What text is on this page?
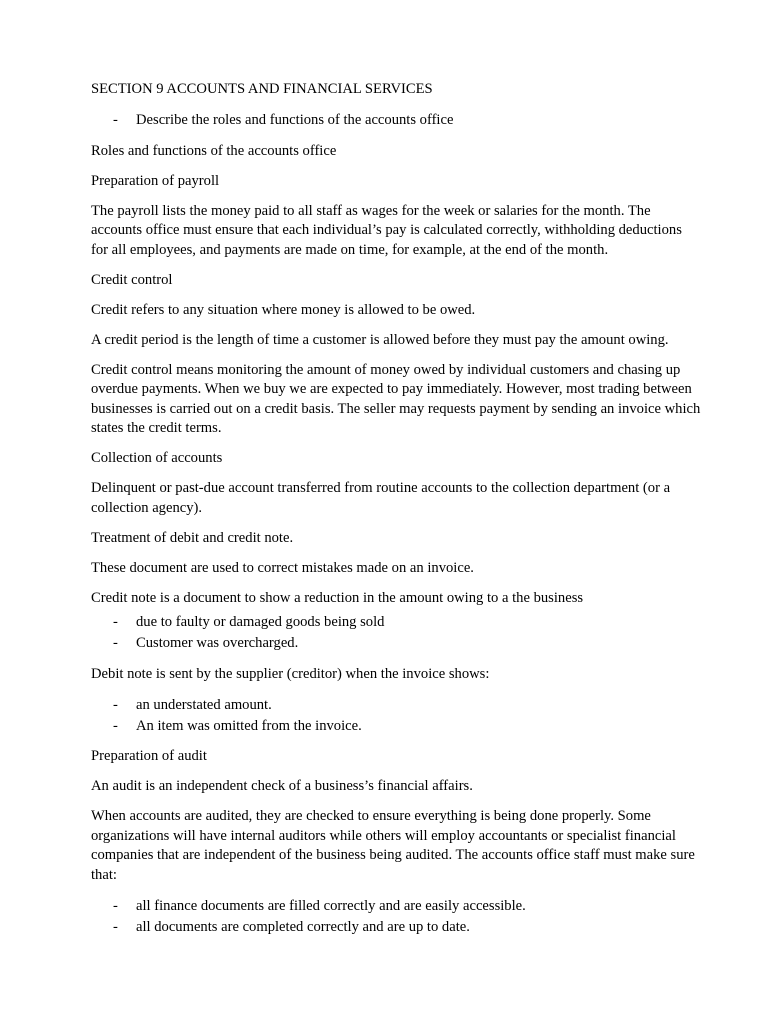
SECTION 9 ACCOUNTS AND FINANCIAL SERVICES

- Describe the roles and functions of the accounts office

Roles and functions of the accounts office

Preparation of payroll

The payroll lists the money paid to all staff as wages for the week or salaries for the month. The accounts office must ensure that each individual’s pay is calculated correctly, withholding deductions for all employees, and payments are made on time, for example, at the end of the month.

Credit control

Credit refers to any situation where money is allowed to be owed.

A credit period is the length of time a customer is allowed before they must pay the amount owing.

Credit control means monitoring the amount of money owed by individual customers and chasing up overdue payments. When we buy we are expected to pay immediately. However, most trading between businesses is carried out on a credit basis. The seller may requests payment by sending an invoice which states the credit terms.

Collection of accounts

Delinquent or past-due account transferred from routine accounts to the collection department (or a collection agency).

Treatment of debit and credit note.

These document are used to correct mistakes made on an invoice.

Credit note is a document to show a reduction in the amount owing to a the business

- due to faulty or damaged goods being sold
- Customer was overcharged.

Debit note is sent by the supplier (creditor) when the invoice shows:

- an understated amount.
- An item was omitted from the invoice.

Preparation of audit

An audit is an independent check of a business’s financial affairs.

When accounts are audited, they are checked to ensure everything is being done properly. Some organizations will have internal auditors while others will employ accountants or specialist financial companies that are independent of the business being audited. The accounts office staff must make sure that:

- all finance documents are filled correctly and are easily accessible.
- all documents are completed correctly and are up to date.
